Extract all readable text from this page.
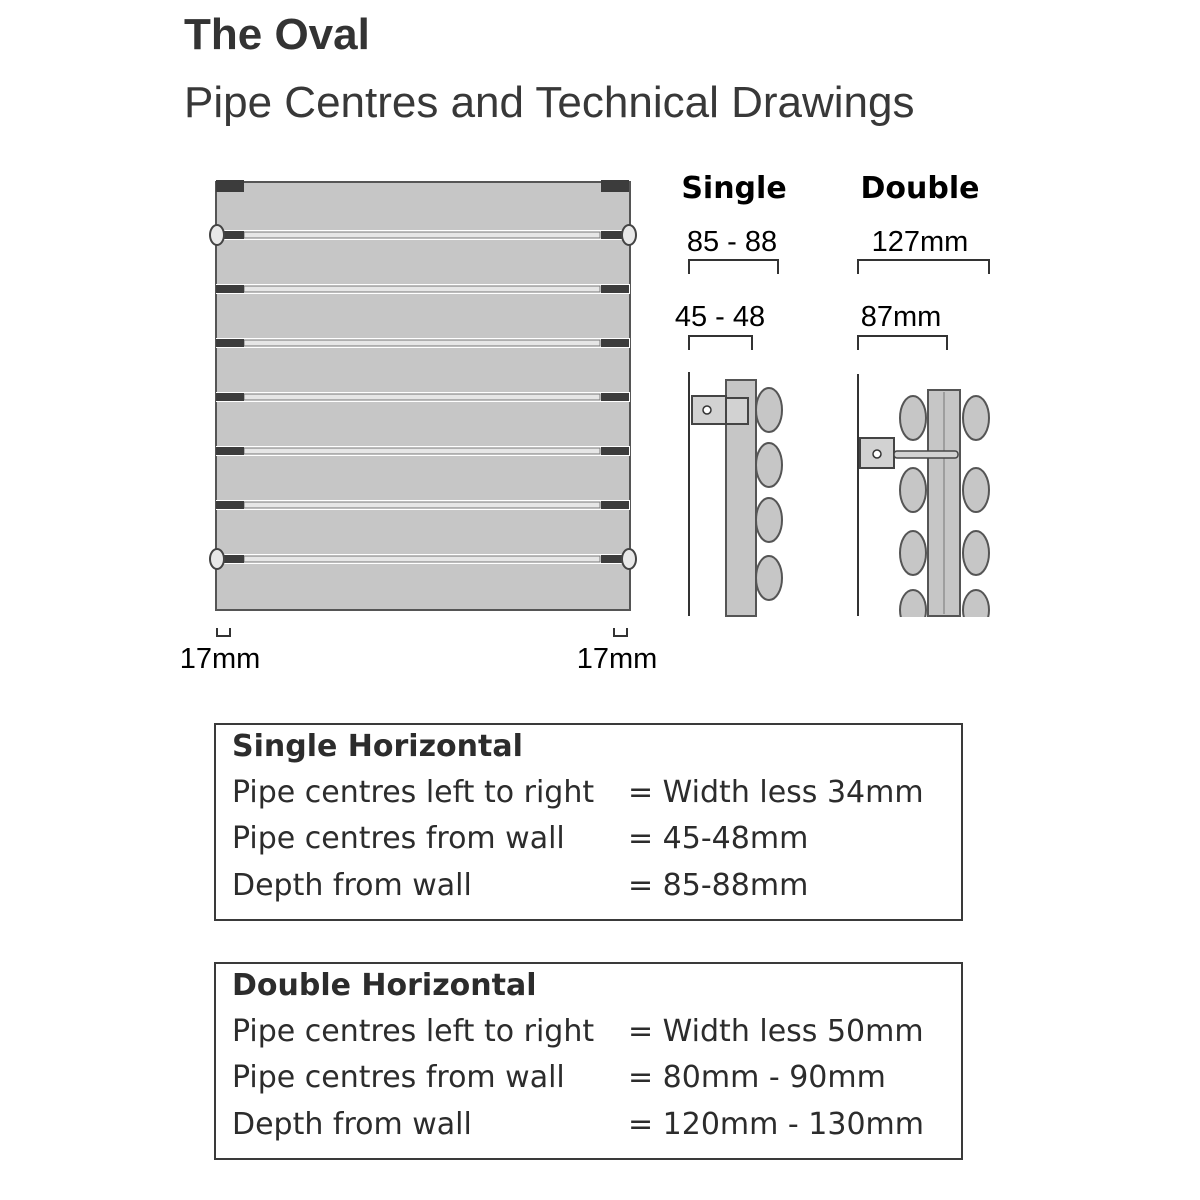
The Oval
Pipe Centres and Technical Drawings
Single
85 - 88
45 - 48
Double
127mm
87mm
17mm	17mm
Single Horizontal
Pipe centres left to right = Width less 34mm
Pipe centres from wall = 45-48mm
Depth from wall	= 85-88mm
Double Horizontal
Pipe centres left to right = Width less 50mm
Pipe centres from wall = 80mm - 90mm
Depth from wall	= 120mm - 130mm
